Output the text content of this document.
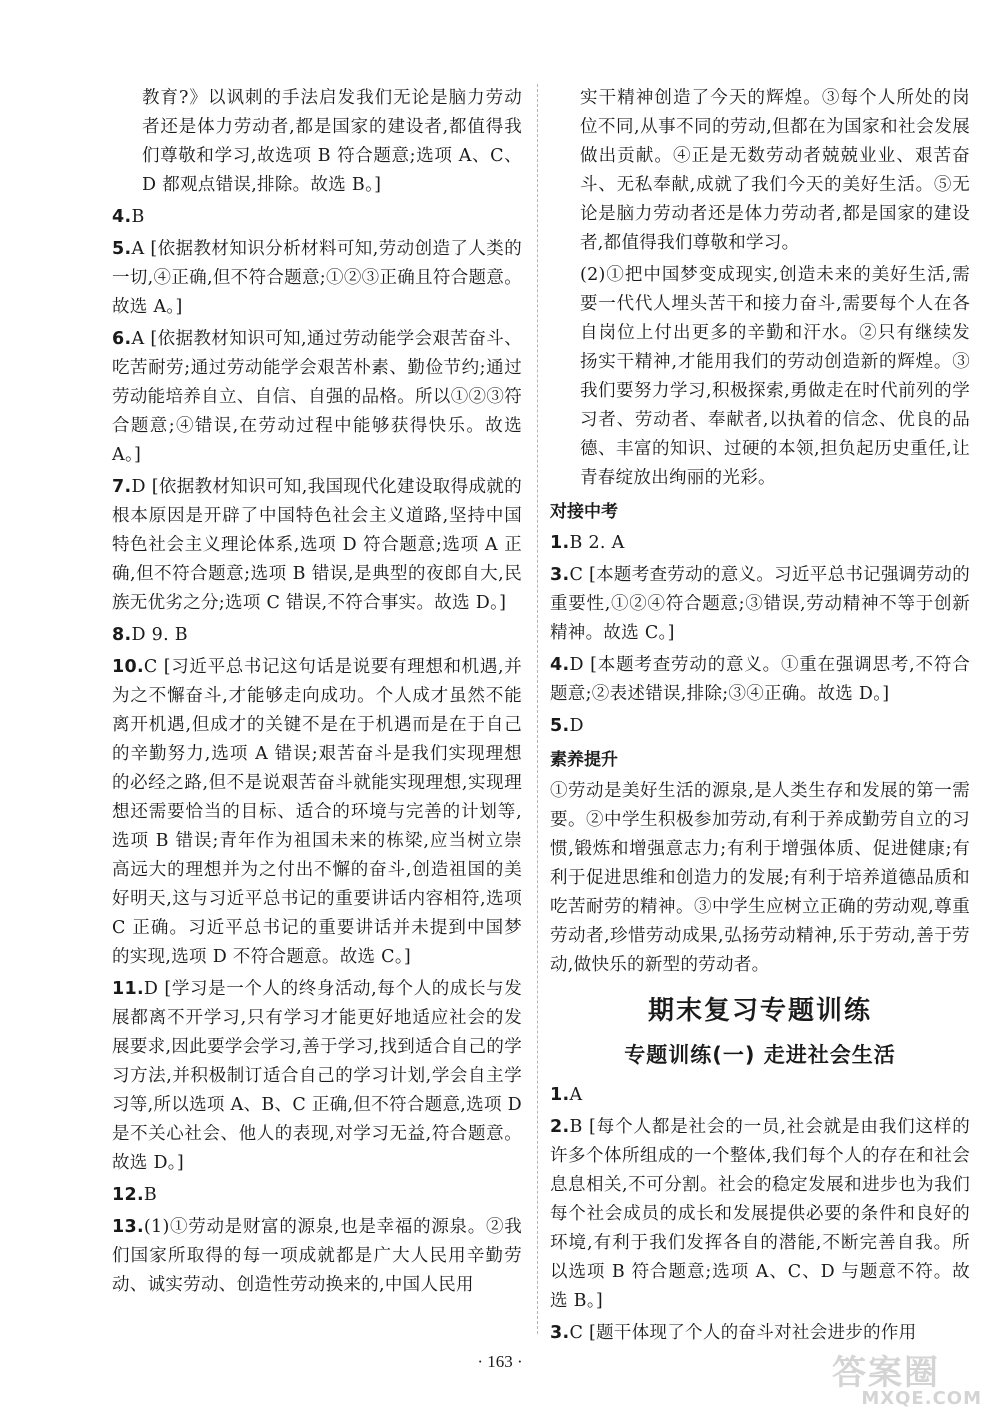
教育?》以讽刺的手法启发我们无论是脑力劳动者还是体力劳动者,都是国家的建设者,都值得我们尊敬和学习,故选项 B 符合题意;选项 A、C、D 都观点错误,排除。故选 B。]

4.B

5.A [依据教材知识分析材料可知,劳动创造了人类的一切,④正确,但不符合题意;①②③正确且符合题意。故选 A。]

6.A [依据教材知识可知,通过劳动能学会艰苦奋斗、吃苦耐劳;通过劳动能学会艰苦朴素、勤俭节约;通过劳动能培养自立、自信、自强的品格。所以①②③符合题意;④错误,在劳动过程中能够获得快乐。故选 A。]

7.D [依据教材知识可知,我国现代化建设取得成就的根本原因是开辟了中国特色社会主义道路,坚持中国特色社会主义理论体系,选项 D 符合题意;选项 A 正确,但不符合题意;选项 B 错误,是典型的夜郎自大,民族无优劣之分;选项 C 错误,不符合事实。故选 D。]

8.D 9. B

10.C [习近平总书记这句话是说要有理想和机遇,并为之不懈奋斗,才能够走向成功。个人成才虽然不能离开机遇,但成才的关键不是在于机遇而是在于自己的辛勤努力,选项 A 错误;艰苦奋斗是我们实现理想的必经之路,但不是说艰苦奋斗就能实现理想,实现理想还需要恰当的目标、适合的环境与完善的计划等,选项 B 错误;青年作为祖国未来的栋梁,应当树立崇高远大的理想并为之付出不懈的奋斗,创造祖国的美好明天,这与习近平总书记的重要讲话内容相符,选项 C 正确。习近平总书记的重要讲话并未提到中国梦的实现,选项 D 不符合题意。故选 C。]

11.D [学习是一个人的终身活动,每个人的成长与发展都离不开学习,只有学习才能更好地适应社会的发展要求,因此要学会学习,善于学习,找到适合自己的学习方法,并积极制订适合自己的学习计划,学会自主学习等,所以选项 A、B、C 正确,但不符合题意,选项 D 是不关心社会、他人的表现,对学习无益,符合题意。故选 D。]

12.B

13.(1)①劳动是财富的源泉,也是幸福的源泉。②我们国家所取得的每一项成就都是广大人民用辛勤劳动、诚实劳动、创造性劳动换来的,中国人民用

实干精神创造了今天的辉煌。③每个人所处的岗位不同,从事不同的劳动,但都在为国家和社会发展做出贡献。④正是无数劳动者兢兢业业、艰苦奋斗、无私奉献,成就了我们今天的美好生活。⑤无论是脑力劳动者还是体力劳动者,都是国家的建设者,都值得我们尊敬和学习。

(2)①把中国梦变成现实,创造未来的美好生活,需要一代代人埋头苦干和接力奋斗,需要每个人在各自岗位上付出更多的辛勤和汗水。②只有继续发扬实干精神,才能用我们的劳动创造新的辉煌。③我们要努力学习,积极探索,勇做走在时代前列的学习者、劳动者、奉献者,以执着的信念、优良的品德、丰富的知识、过硬的本领,担负起历史重任,让青春绽放出绚丽的光彩。

对接中考

1.B 2. A

3.C [本题考查劳动的意义。习近平总书记强调劳动的重要性,①②④符合题意;③错误,劳动精神不等于创新精神。故选 C。]

4.D [本题考查劳动的意义。①重在强调思考,不符合题意;②表述错误,排除;③④正确。故选 D。]

5.D

素养提升

①劳动是美好生活的源泉,是人类生存和发展的第一需要。②中学生积极参加劳动,有利于养成勤劳自立的习惯,锻炼和增强意志力;有利于增强体质、促进健康;有利于促进思维和创造力的发展;有利于培养道德品质和吃苦耐劳的精神。③中学生应树立正确的劳动观,尊重劳动者,珍惜劳动成果,弘扬劳动精神,乐于劳动,善于劳动,做快乐的新型的劳动者。

期末复习专题训练
专题训练(一) 走进社会生活

1.A

2.B [每个人都是社会的一员,社会就是由我们这样的许多个体所组成的一个整体,我们每个人的存在和社会息息相关,不可分割。社会的稳定发展和进步也为我们每个社会成员的成长和发展提供必要的条件和良好的环境,有利于我们发挥各自的潜能,不断完善自我。所以选项 B 符合题意;选项 A、C、D 与题意不符。故选 B。]

3.C [题干体现了个人的奋斗对社会进步的作用

· 163 ·	答案圈
MXQE.COM
